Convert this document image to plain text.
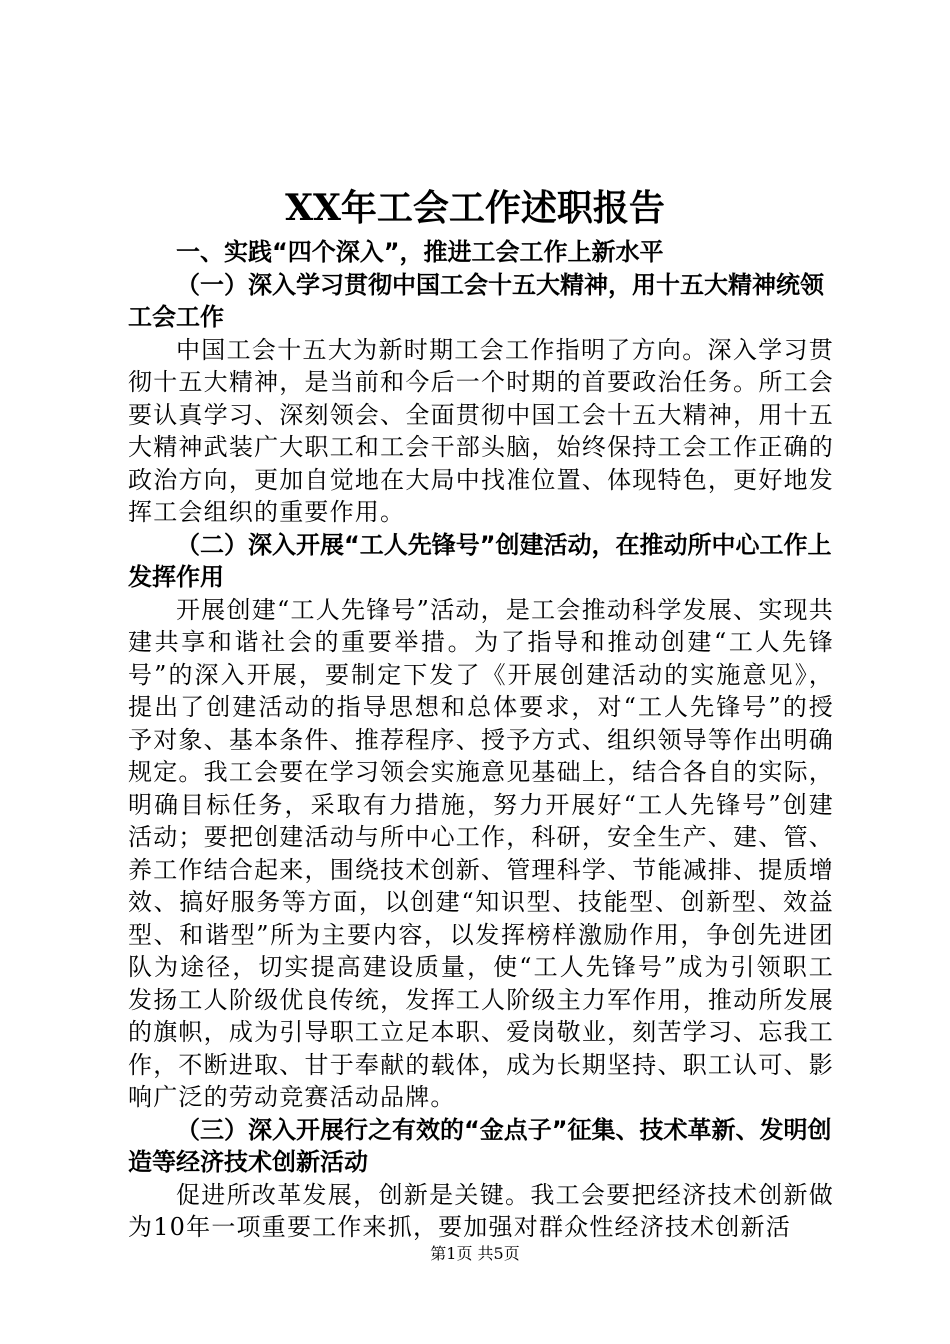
XX年工会工作述职报告
一、实践“四个深入”，推进工会工作上新水平
（一）深入学习贯彻中国工会十五大精神，用十五大精神统领工会工作
中国工会十五大为新时期工会工作指明了方向。深入学习贯彻十五大精神，是当前和今后一个时期的首要政治任务。所工会要认真学习、深刻领会、全面贯彻中国工会十五大精神，用十五大精神武装广大职工和工会干部头脑，始终保持工会工作正确的政治方向，更加自觉地在大局中找准位置、体现特色，更好地发挥工会组织的重要作用。
（二）深入开展“工人先锋号”创建活动，在推动所中心工作上发挥作用
开展创建“工人先锋号”活动，是工会推动科学发展、实现共建共享和谐社会的重要举措。为了指导和推动创建“工人先锋号”的深入开展，要制定下发了《开展创建活动的实施意见》，提出了创建活动的指导思想和总体要求，对“工人先锋号”的授予对象、基本条件、推荐程序、授予方式、组织领导等作出明确规定。我工会要在学习领会实施意见基础上，结合各自的实际，明确目标任务，采取有力措施，努力开展好“工人先锋号”创建活动；要把创建活动与所中心工作，科研，安全生产、建、管、养工作结合起来，围绕技术创新、管理科学、节能减排、提质增效、搞好服务等方面，以创建“知识型、技能型、创新型、效益型、和谐型”所为主要内容，以发挥榜样激励作用，争创先进团队为途径，切实提高建设质量，使“工人先锋号”成为引领职工发扬工人阶级优良传统，发挥工人阶级主力军作用，推动所发展的旗帜，成为引导职工立足本职、爱岗敬业，刻苦学习、忘我工作，不断进取、甘于奉献的载体，成为长期坚持、职工认可、影响广泛的劳动竞赛活动品牌。
（三）深入开展行之有效的“金点子”征集、技术革新、发明创造等经济技术创新活动
促进所改革发展，创新是关键。我工会要把经济技术创新做为10年一项重要工作来抓，要加强对群众性经济技术创新活
第1页 共5页
